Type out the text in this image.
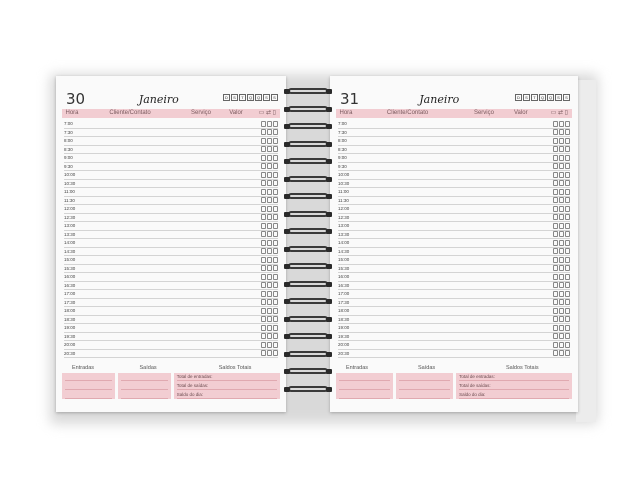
30	Janeiro	D	S	T	Q	Q	S	S
Hora	Cliente/Contato	Serviço	Valor	▭ ⇄ ▯
7:00
7:30
8:00
8:30
9:00
9:30
10:00
10:30
11:00
11:30
12:00
12:30
13:00
13:30
14:00
14:30
15:00
15:30
16:00
16:30
17:00
17:30
18:00
18:30
19:00
19:30
20:00
20:30
Entradas	Saídas	Saldos Totais
Total de entradas:
Total de saídas:
Saldo do dia:
31	Janeiro	D	S	T	Q	Q	S	S
Hora	Cliente/Contato	Serviço	Valor	▭ ⇄ ▯
7:00
7:30
8:00
8:30
9:00
9:30
10:00
10:30
11:00
11:30
12:00
12:30
13:00
13:30
14:00
14:30
15:00
15:30
16:00
16:30
17:00
17:30
18:00
18:30
19:00
19:30
20:00
20:30
Entradas	Saídas	Saldos Totais
Total de entradas:
Total de saídas:
Saldo do dia:
